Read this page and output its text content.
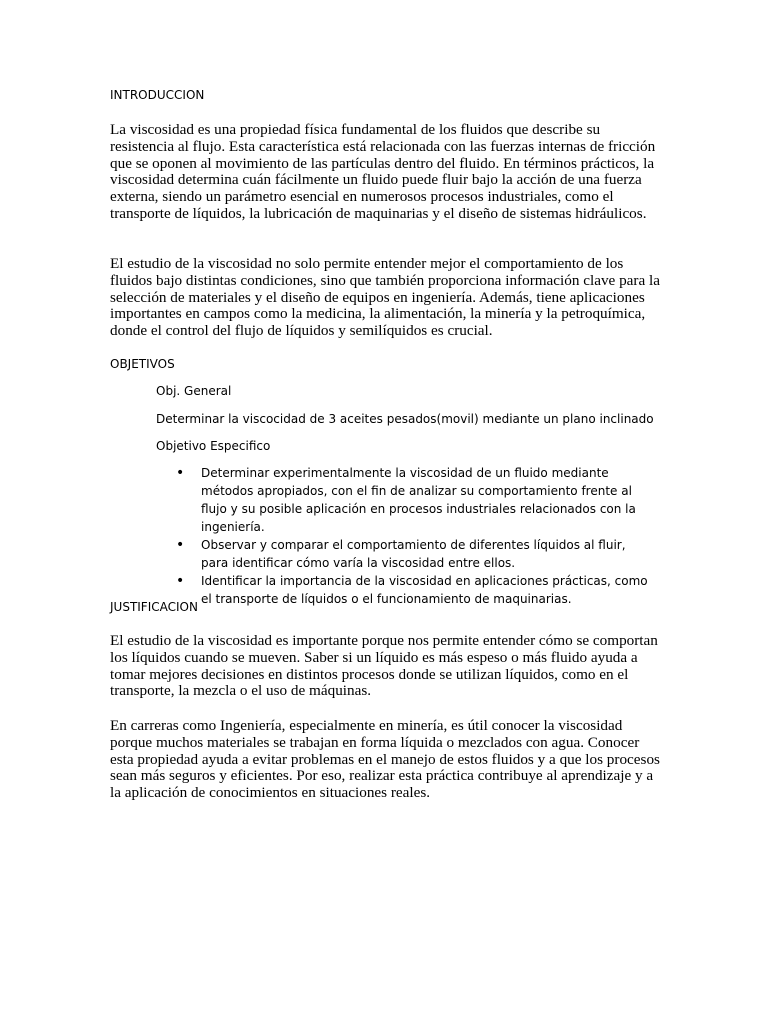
INTRODUCCION

La viscosidad es una propiedad física fundamental de los fluidos que describe su resistencia al flujo. Esta característica está relacionada con las fuerzas internas de fricción que se oponen al movimiento de las partículas dentro del fluido. En términos prácticos, la viscosidad determina cuán fácilmente un fluido puede fluir bajo la acción de una fuerza externa, siendo un parámetro esencial en numerosos procesos industriales, como el transporte de líquidos, la lubricación de maquinarias y el diseño de sistemas hidráulicos.

El estudio de la viscosidad no solo permite entender mejor el comportamiento de los fluidos bajo distintas condiciones, sino que también proporciona información clave para la selección de materiales y el diseño de equipos en ingeniería. Además, tiene aplicaciones importantes en campos como la medicina, la alimentación, la minería y la petroquímica, donde el control del flujo de líquidos y semilíquidos es crucial.

OBJETIVOS

Obj. General

Determinar la viscocidad de 3 aceites pesados(movil) mediante un plano inclinado

Objetivo Especifico

• Determinar experimentalmente la viscosidad de un fluido mediante métodos apropiados, con el fin de analizar su comportamiento frente al flujo y su posible aplicación en procesos industriales relacionados con la ingeniería.
• Observar y comparar el comportamiento de diferentes líquidos al fluir, para identificar cómo varía la viscosidad entre ellos.
• Identificar la importancia de la viscosidad en aplicaciones prácticas, como el transporte de líquidos o el funcionamiento de maquinarias.
JUSTIFICACION

El estudio de la viscosidad es importante porque nos permite entender cómo se comportan los líquidos cuando se mueven. Saber si un líquido es más espeso o más fluido ayuda a tomar mejores decisiones en distintos procesos donde se utilizan líquidos, como en el transporte, la mezcla o el uso de máquinas.

En carreras como Ingeniería, especialmente en minería, es útil conocer la viscosidad porque muchos materiales se trabajan en forma líquida o mezclados con agua. Conocer esta propiedad ayuda a evitar problemas en el manejo de estos fluidos y a que los procesos sean más seguros y eficientes. Por eso, realizar esta práctica contribuye al aprendizaje y a la aplicación de conocimientos en situaciones reales.
